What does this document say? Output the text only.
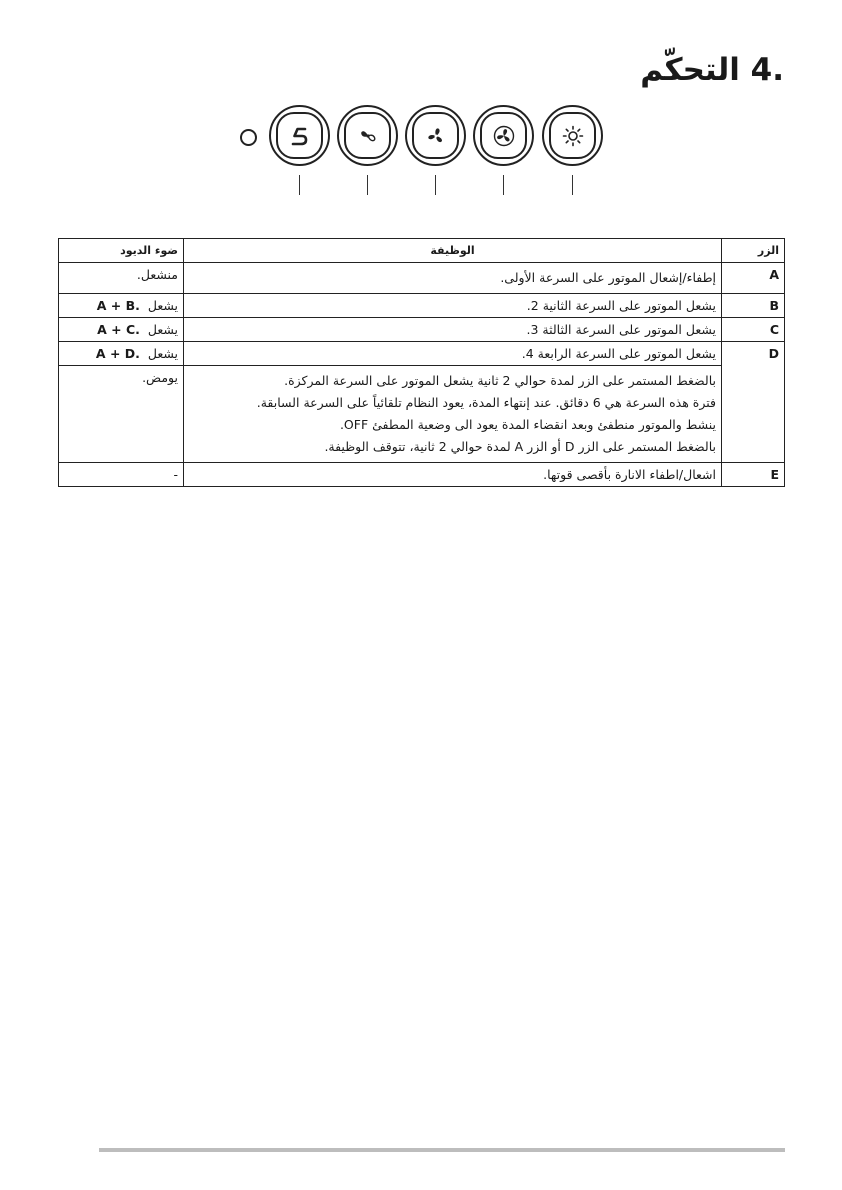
.4 التحكّم
الزر	الوظيفة	ضوء الديود
A	إطفاء/إشعال الموتور على السرعة الأولى.	منشعل.
B	يشعل الموتور على السرعة الثانية 2.	يشعل  A + B.
C	يشعل الموتور على السرعة الثالثة 3.	يشعل  A + C.
D	يشعل الموتور على السرعة الرابعة 4.	يشعل  A + D.

	بالضغط المستمر على الزر لمدة حوالي 2 ثانية يشعل الموتور على السرعة المركزة.
فترة هذه السرعة هي 6 دقائق. عند إنتهاء المدة، يعود النظام تلقائياً على السرعة السابقة.
ينشط والموتور منطفئ وبعد انقضاء المدة يعود الى وضعية المطفئ OFF.
بالضغط المستمر على الزر D أو الزر A لمدة حوالي 2 ثانية، تتوقف الوظيفة.	يومض.
E	اشعال/اطفاء الانارة بأقصى قوتها.	-
